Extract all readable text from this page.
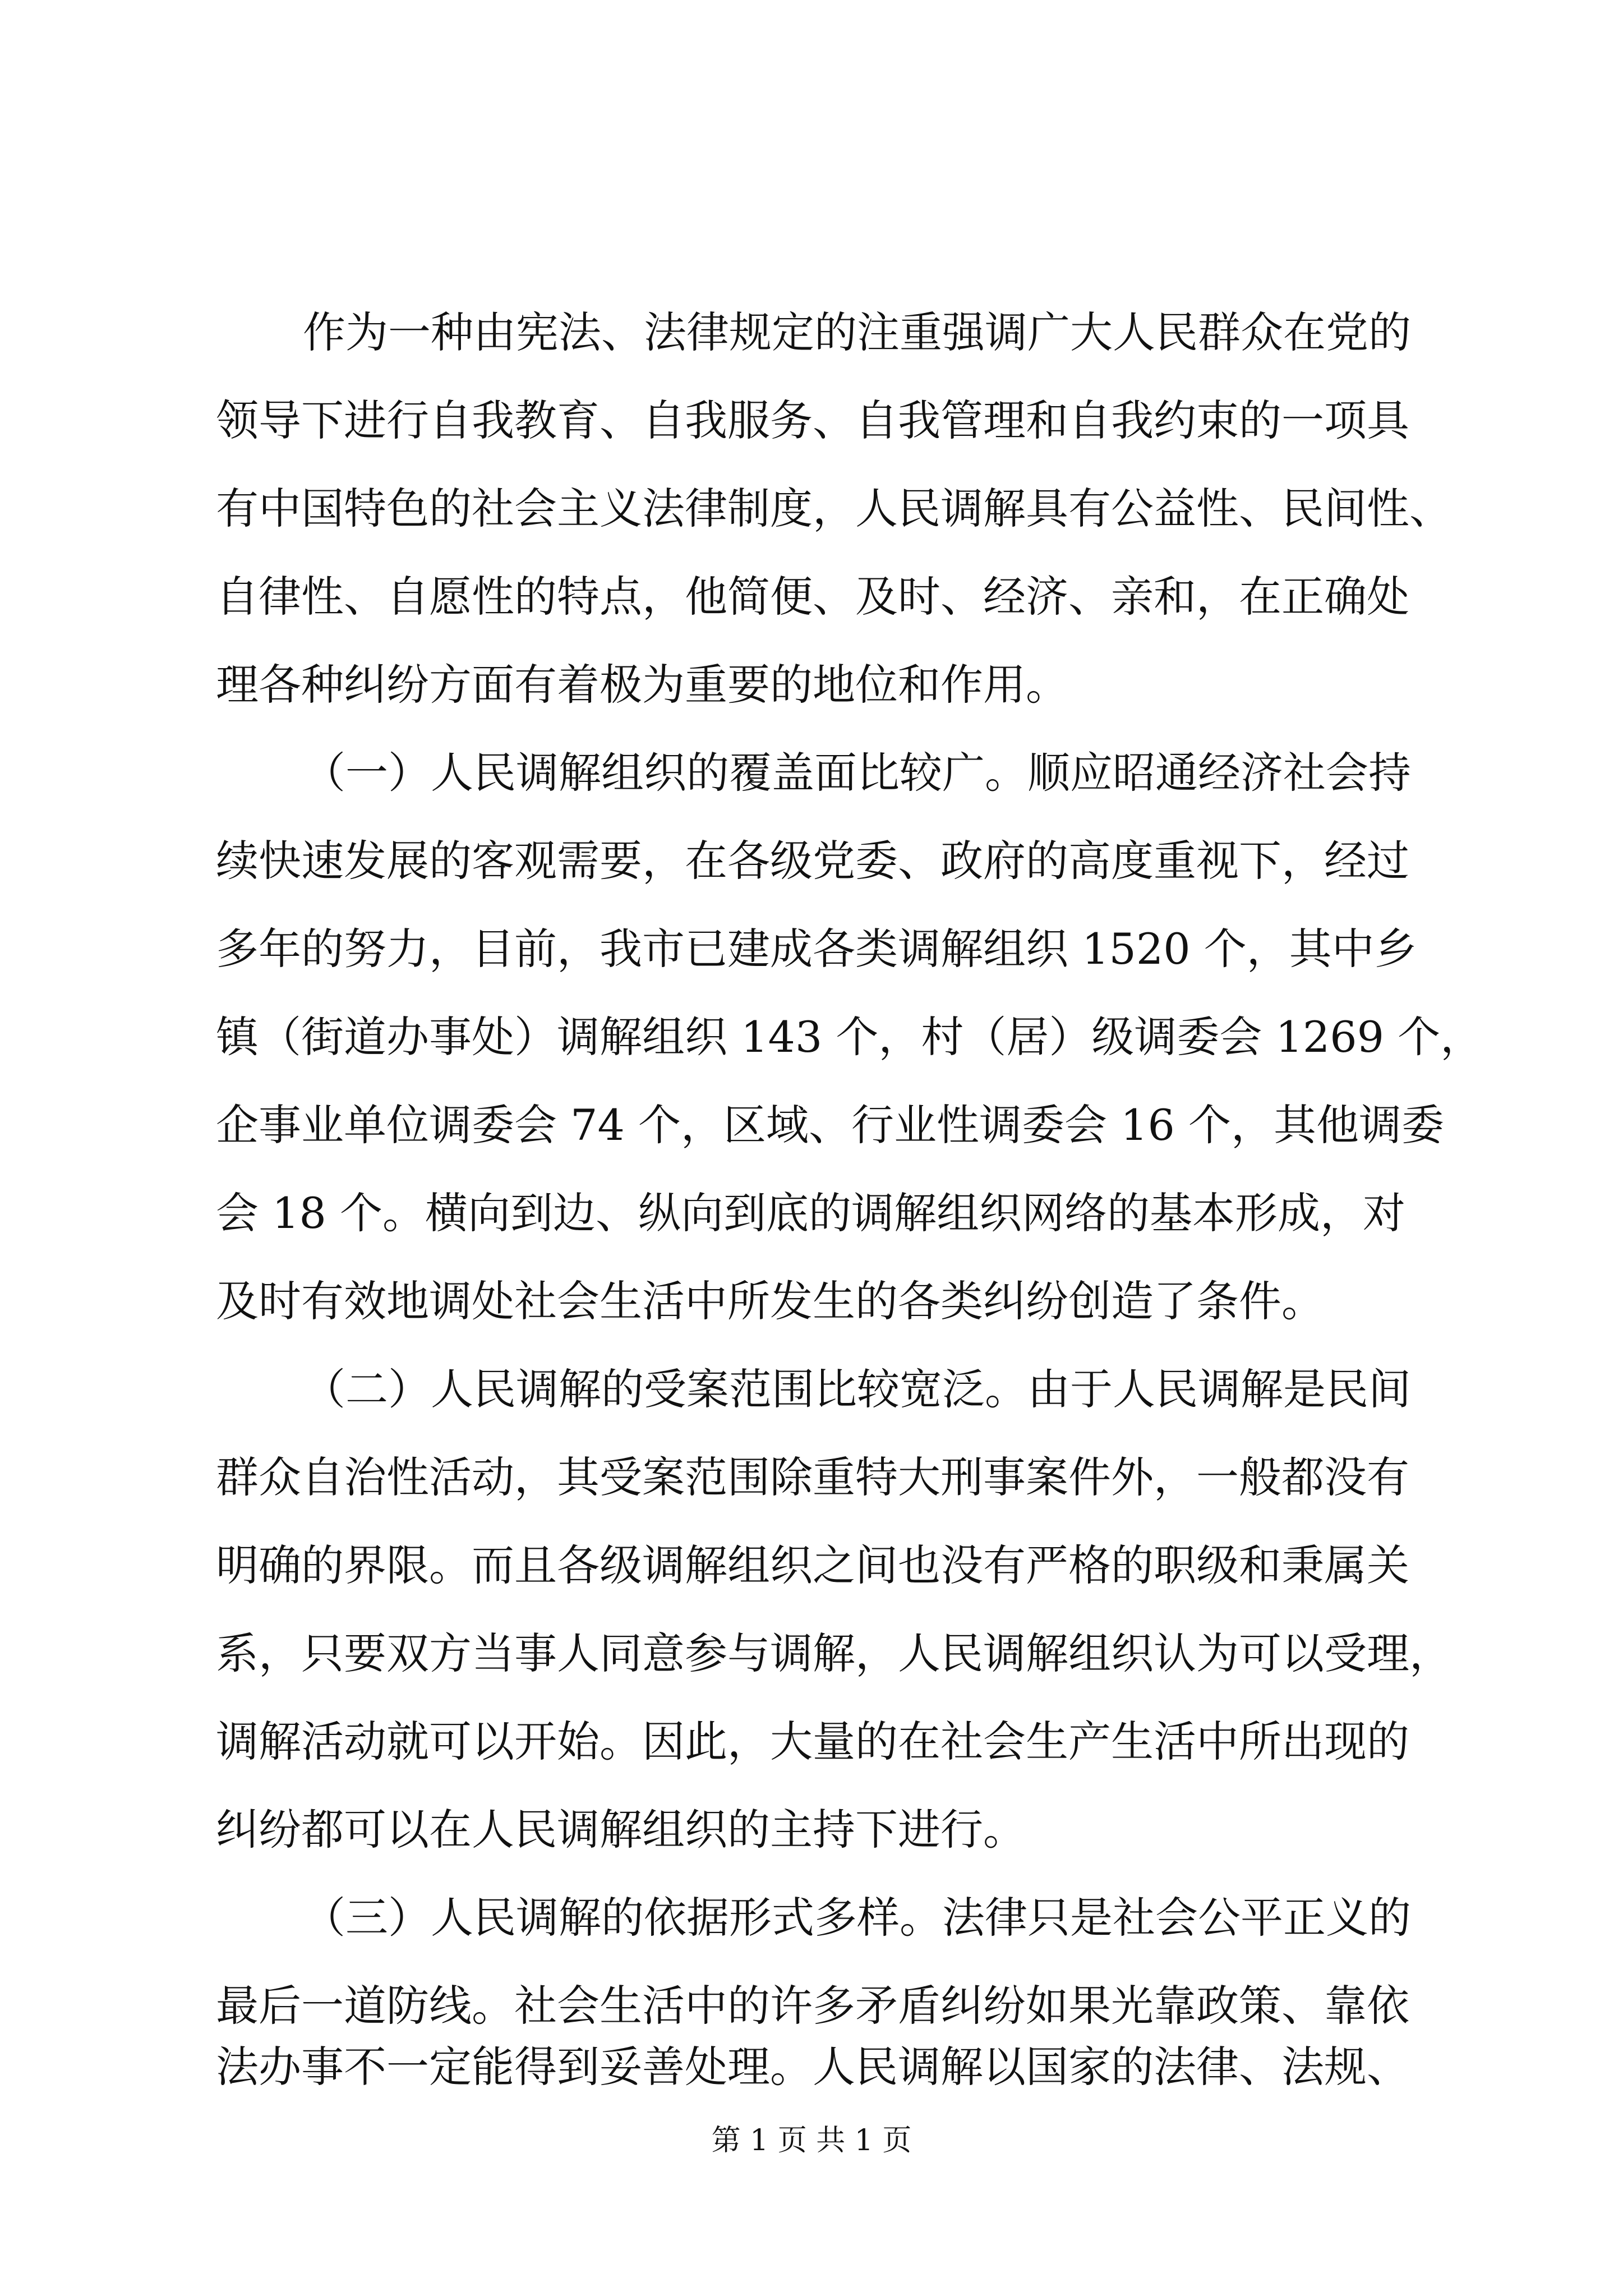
作为一种由宪法、法律规定的注重强调广大人民群众在党的
领导下进行自我教育、自我服务、自我管理和自我约束的一项具
有中国特色的社会主义法律制度，人民调解具有公益性、民间性、
自律性、自愿性的特点，他简便、及时、经济、亲和，在正确处
理各种纠纷方面有着极为重要的地位和作用。
（一）人民调解组织的覆盖面比较广。顺应昭通经济社会持
续快速发展的客观需要，在各级党委、政府的高度重视下，经过
多年的努力，目前，我市已建成各类调解组织 1520 个，其中乡
镇（街道办事处）调解组织 143 个，村（居）级调委会 1269 个，
企事业单位调委会 74 个，区域、行业性调委会 16 个，其他调委
会 18 个。横向到边、纵向到底的调解组织网络的基本形成，对
及时有效地调处社会生活中所发生的各类纠纷创造了条件。
（二）人民调解的受案范围比较宽泛。由于人民调解是民间
群众自治性活动，其受案范围除重特大刑事案件外，一般都没有
明确的界限。而且各级调解组织之间也没有严格的职级和秉属关
系，只要双方当事人同意参与调解，人民调解组织认为可以受理，
调解活动就可以开始。因此，大量的在社会生产生活中所出现的
纠纷都可以在人民调解组织的主持下进行。
（三）人民调解的依据形式多样。法律只是社会公平正义的
最后一道防线。社会生活中的许多矛盾纠纷如果光靠政策、靠依
法办事不一定能得到妥善处理。人民调解以国家的法律、法规、
第 1 页 共 1 页
